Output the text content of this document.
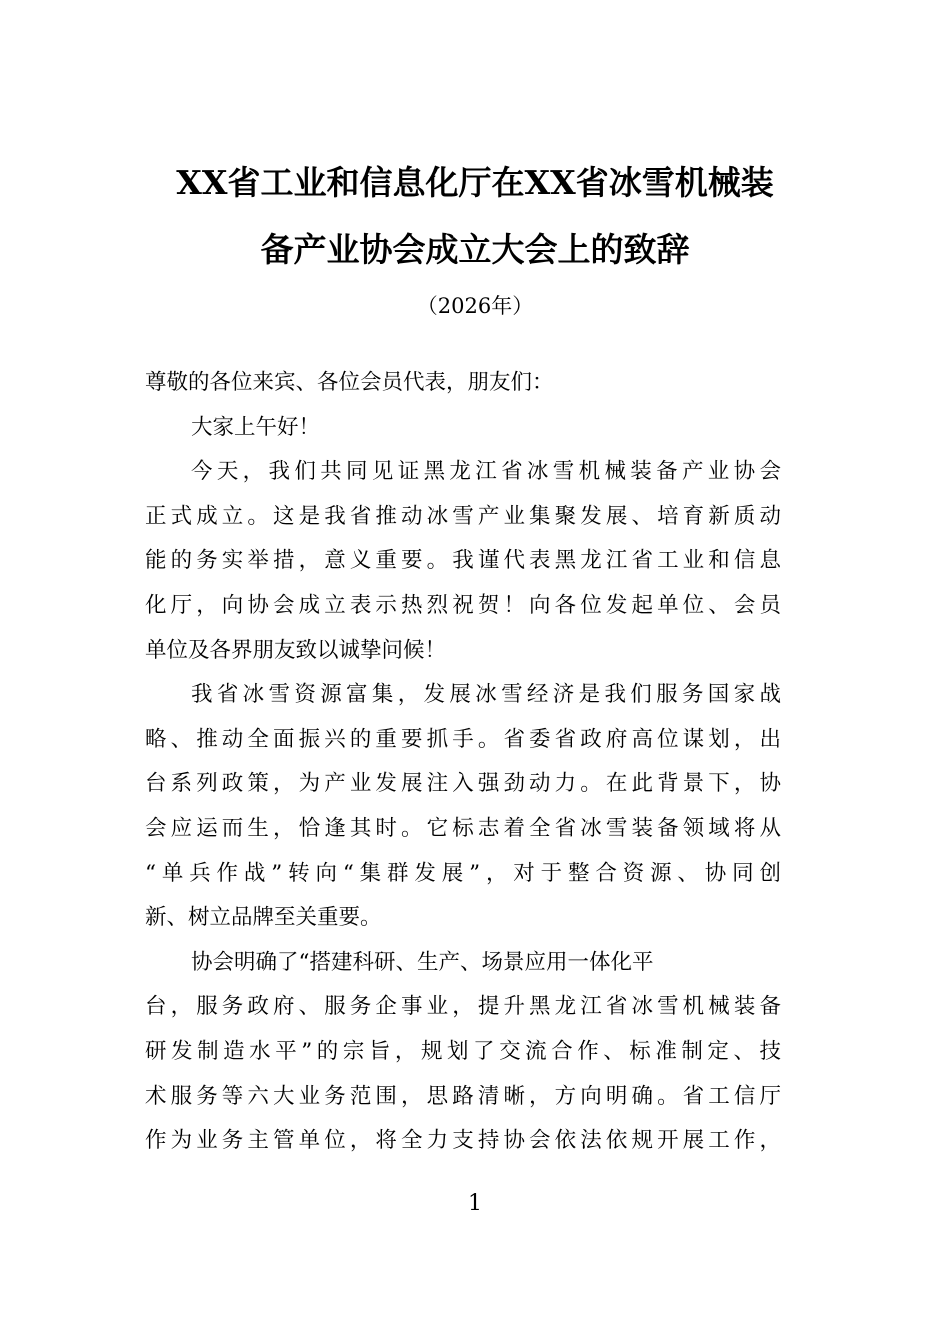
XX省工业和信息化厅在XX省冰雪机械装
备产业协会成立大会上的致辞
（2026年）
尊敬的各位来宾、各位会员代表，朋友们：
大家上午好！
今天，我们共同见证黑龙江省冰雪机械装备产业协会
正式成立。这是我省推动冰雪产业集聚发展、培育新质动
能的务实举措，意义重要。我谨代表黑龙江省工业和信息
化厅，向协会成立表示热烈祝贺！向各位发起单位、会员
单位及各界朋友致以诚挚问候！
我省冰雪资源富集，发展冰雪经济是我们服务国家战
略、推动全面振兴的重要抓手。省委省政府高位谋划，出
台系列政策，为产业发展注入强劲动力。在此背景下，协
会应运而生，恰逢其时。它标志着全省冰雪装备领域将从
“单兵作战”转向“集群发展”，对于整合资源、协同创
新、树立品牌至关重要。
协会明确了“搭建科研、生产、场景应用一体化平
台，服务政府、服务企事业，提升黑龙江省冰雪机械装备
研发制造水平”的宗旨，规划了交流合作、标准制定、技
术服务等六大业务范围，思路清晰，方向明确。省工信厅
作为业务主管单位，将全力支持协会依法依规开展工作，
1
